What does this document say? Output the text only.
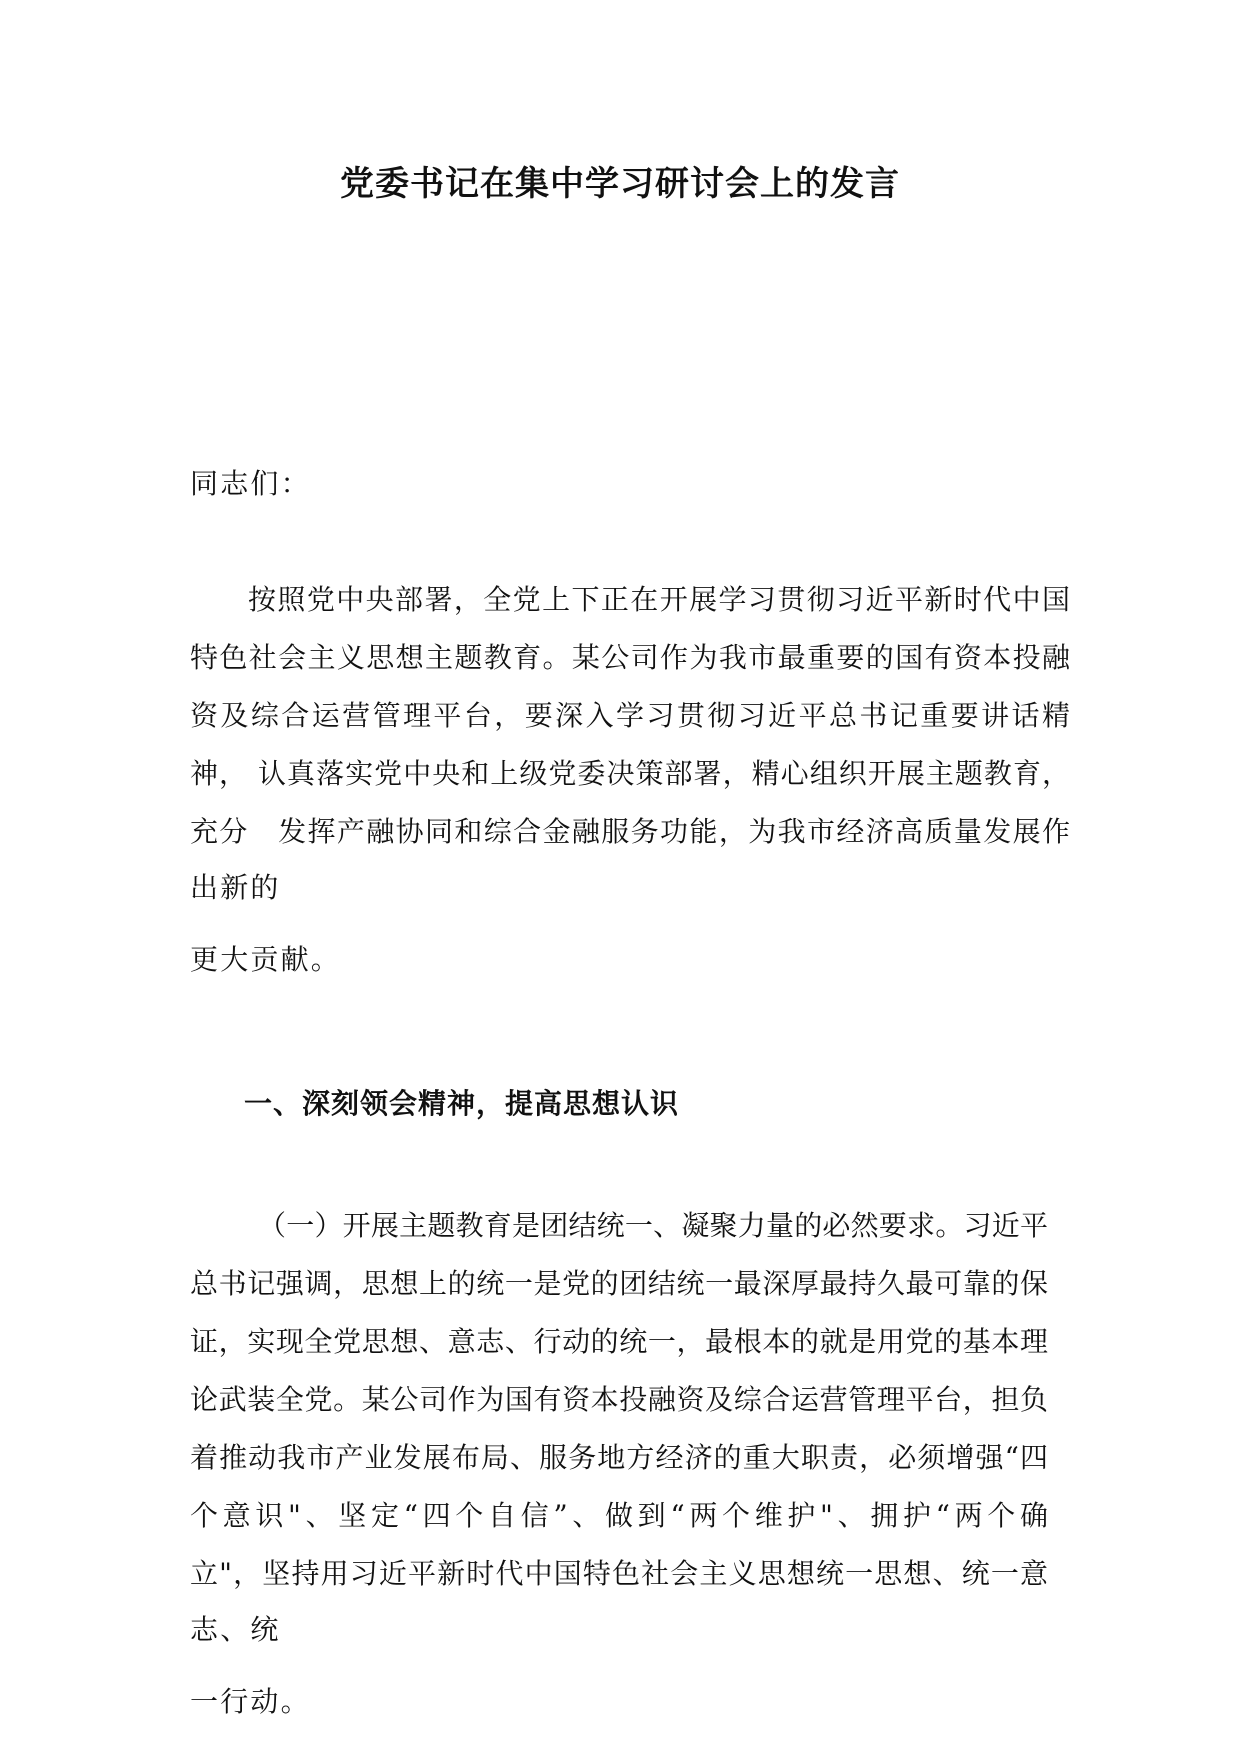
党委书记在集中学习研讨会上的发言
同志们：
按照党中央部署，全党上下正在开展学习贯彻习近平新时代中国
特色社会主义思想主题教育。某公司作为我市最重要的国有资本投融
资及综合运营管理平台，要深入学习贯彻习近平总书记重要讲话精
神， 认真落实党中央和上级党委决策部署，精心组织开展主题教育，
充分　发挥产融协同和综合金融服务功能，为我市经济高质量发展作
出新的
更大贡献。
一、深刻领会精神，提高思想认识
（一）开展主题教育是团结统一、凝聚力量的必然要求。习近平
总书记强调，思想上的统一是党的团结统一最深厚最持久最可靠的保
证，实现全党思想、意志、行动的统一，最根本的就是用党的基本理
论武装全党。某公司作为国有资本投融资及综合运营管理平台，担负
着推动我市产业发展布局、服务地方经济的重大职责，必须增强“四
个意识"、坚定“四个自信”、做到“两个维护"、拥护“两个确
立"，坚持用习近平新时代中国特色社会主义思想统一思想、统一意
志、统
一行动。
